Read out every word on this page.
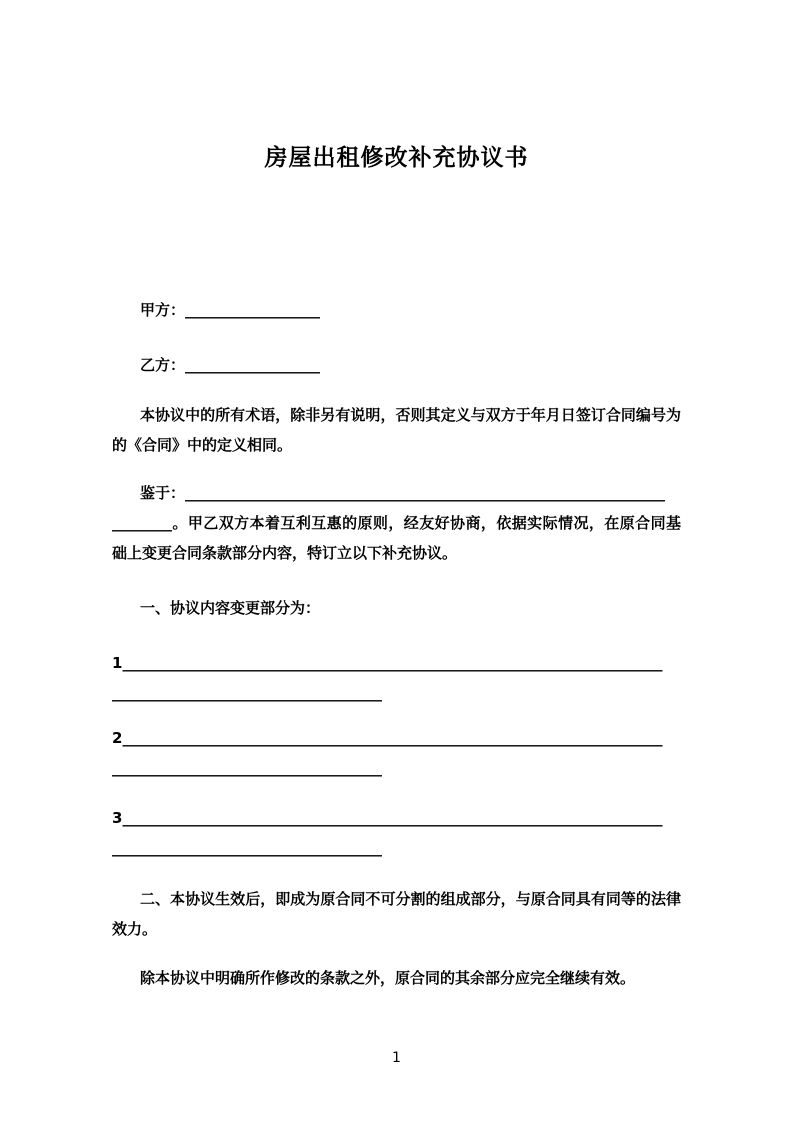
房屋出租修改补充协议书
甲方：__________________
乙方：__________________

本协议中的所有术语，除非另有说明，否则其定义与双方于年月日签订合同编号为的《合同》中的定义相同。

鉴于：________________________________________________________________
________。甲乙双方本着互利互惠的原则，经友好协商，依据实际情况，在原合同基础上变更合同条款部分内容，特订立以下补充协议。
一、协议内容变更部分为：
1________________________________________________________________________
____________________________________
2________________________________________________________________________
____________________________________
3________________________________________________________________________
____________________________________

二、本协议生效后，即成为原合同不可分割的组成部分，与原合同具有同等的法律效力。

除本协议中明确所作修改的条款之外，原合同的其余部分应完全继续有效。

1
